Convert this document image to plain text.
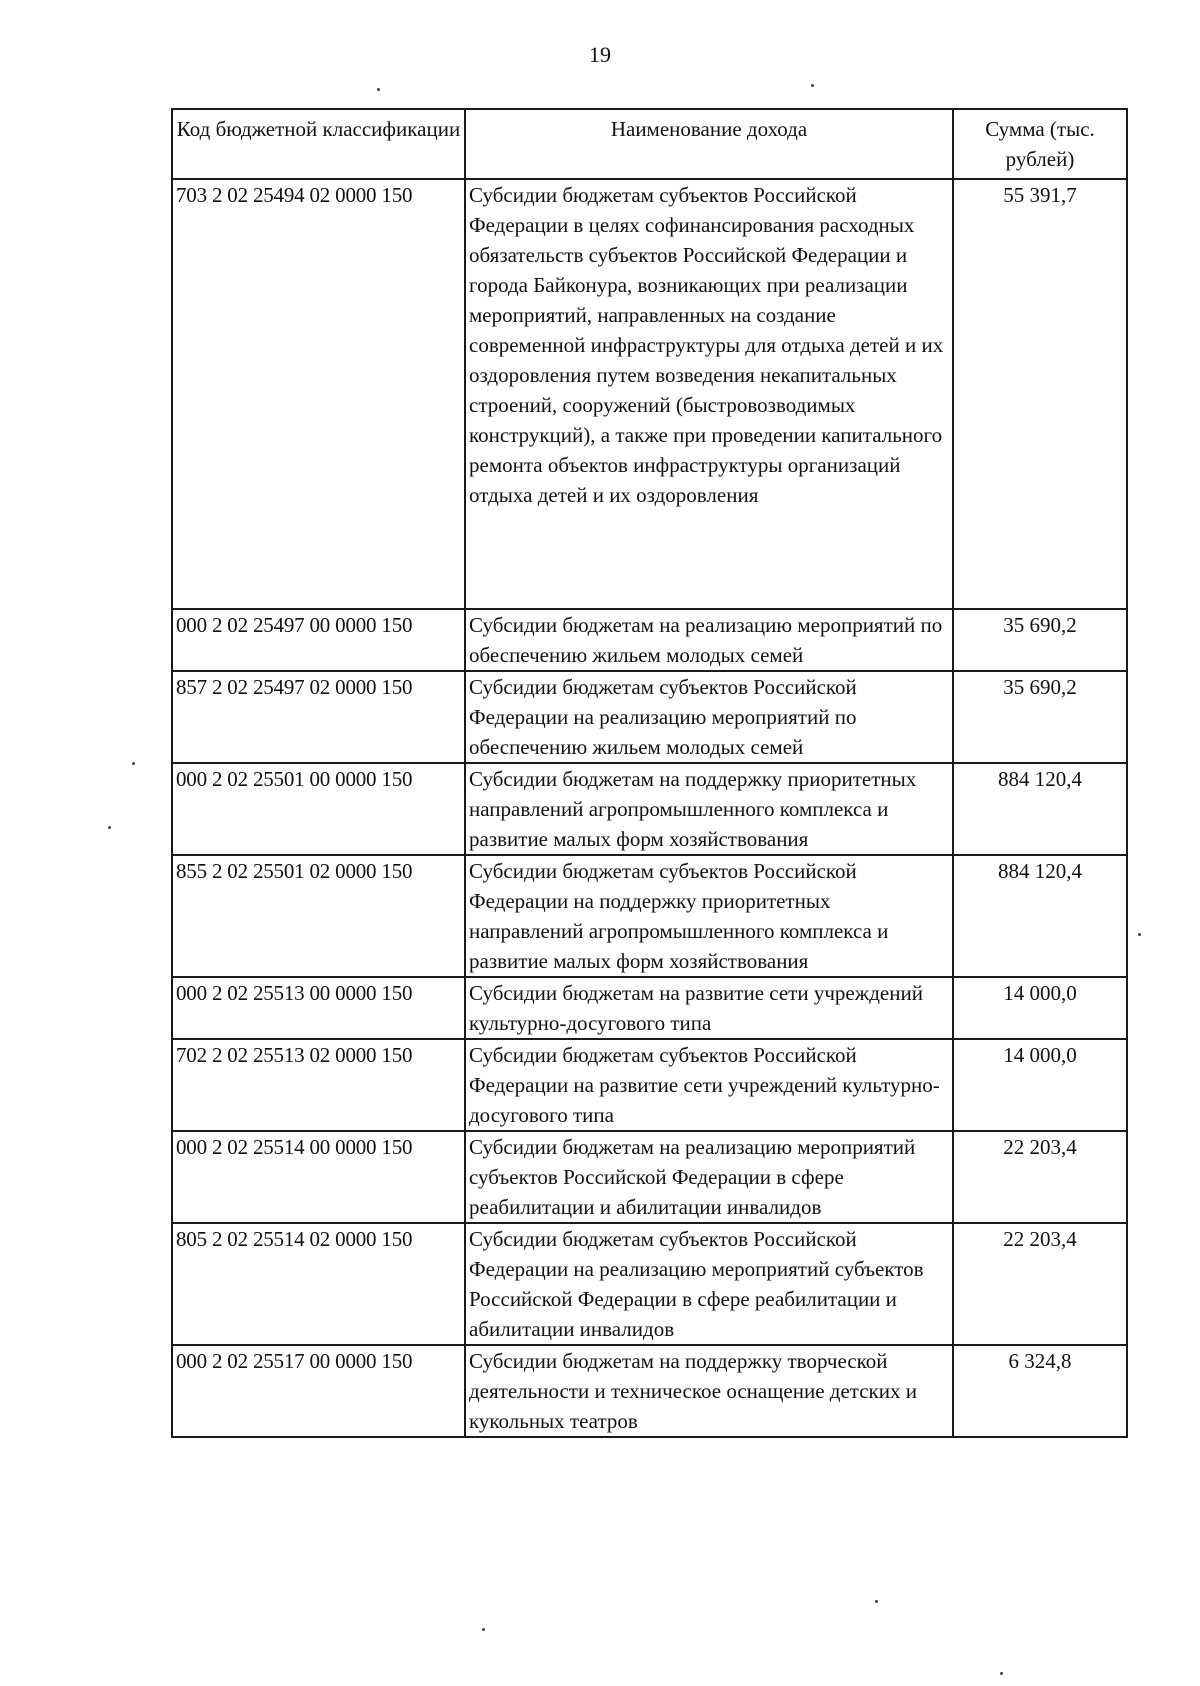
19
Код бюджетной классификации	Наименование дохода	Сумма (тыс. рублей)
703 2 02 25494 02 0000 150	Субсидии бюджетам субъектов Российской Федерации в целях софинансирования расходных обязательств субъектов Российской Федерации и города Байконура, возникающих при реализации мероприятий, направленных на создание современной инфраструктуры для отдыха детей и их оздоровления путем возведения некапитальных строений, сооружений (быстровозводимых конструкций), а также при проведении капитального ремонта объектов инфраструктуры организаций отдыха детей и их оздоровления	55 391,7
000 2 02 25497 00 0000 150	Субсидии бюджетам на реализацию мероприятий по обеспечению жильем молодых семей	35 690,2
857 2 02 25497 02 0000 150	Субсидии бюджетам субъектов Российской Федерации на реализацию мероприятий по обеспечению жильем молодых семей	35 690,2
000 2 02 25501 00 0000 150	Субсидии бюджетам на поддержку приоритетных направлений агропромышленного комплекса и развитие малых форм хозяйствования	884 120,4
855 2 02 25501 02 0000 150	Субсидии бюджетам субъектов Российской Федерации на поддержку приоритетных направлений агропромышленного комплекса и развитие малых форм хозяйствования	884 120,4
000 2 02 25513 00 0000 150	Субсидии бюджетам на развитие сети учреждений культурно-досугового типа	14 000,0
702 2 02 25513 02 0000 150	Субсидии бюджетам субъектов Российской Федерации на развитие сети учреждений культурно-досугового типа	14 000,0
000 2 02 25514 00 0000 150	Субсидии бюджетам на реализацию мероприятий субъектов Российской Федерации в сфере реабилитации и абилитации инвалидов	22 203,4
805 2 02 25514 02 0000 150	Субсидии бюджетам субъектов Российской Федерации на реализацию мероприятий субъектов Российской Федерации в сфере реабилитации и абилитации инвалидов	22 203,4
000 2 02 25517 00 0000 150	Субсидии бюджетам на поддержку творческой деятельности и техническое оснащение детских и кукольных театров	6 324,8
